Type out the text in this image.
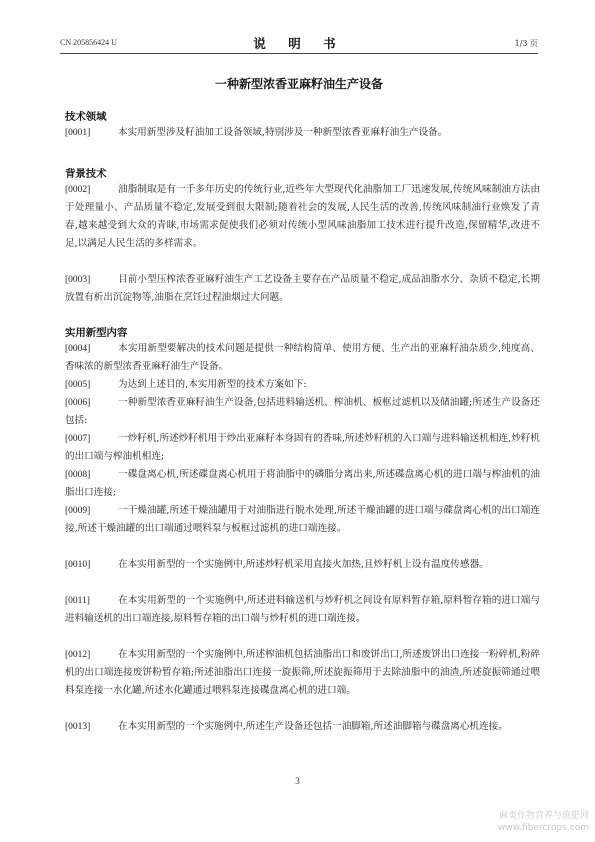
CN 205856424 U	说 明 书	1/3 页
一种新型浓香亚麻籽油生产设备
技术领域
[0001]	本实用新型涉及籽油加工设备领域,特别涉及一种新型浓香亚麻籽油生产设备。
背景技术
[0002]	油脂制取是有一千多年历史的传统行业,近些年大型现代化油脂加工厂迅速发展,传统风味制油方法由于处理量小、产品质量不稳定,发展受到很大限制;随着社会的发展,人民生活的改善,传统风味制油行业焕发了青春,越来越受到大众的青睐,市场需求促使我们必须对传统小型风味油脂加工技术进行提升改造,保留精华,改进不足,以满足人民生活的多样需求。
[0003]	目前小型压榨浓香亚麻籽油生产工艺设备主要存在产品质量不稳定,成品油脂水分、杂质不稳定,长期放置有析出沉淀物等,油脂在烹饪过程油烟过大问题。
实用新型内容
[0004]	本实用新型要解决的技术问题是提供一种结构简单、使用方便、生产出的亚麻籽油杂质少,纯度高、香味浓的新型浓香亚麻籽油生产设备。
[0005]	为达到上述目的,本实用新型的技术方案如下:
[0006]	一种新型浓香亚麻籽油生产设备,包括进料输送机、榨油机、板框过滤机以及储油罐;所述生产设备还包括:
[0007]	一炒籽机,所述炒籽机用于炒出亚麻籽本身固有的香味,所述炒籽机的入口端与进料输送机相连,炒籽机的出口端与榨油机相连;
[0008]	一碟盘离心机,所述碟盘离心机用于将油脂中的磷脂分离出来,所述碟盘离心机的进口端与榨油机的油脂出口连接;
[0009]	一干燥油罐,所述干燥油罐用于对油脂进行脱水处理,所述干燥油罐的进口端与碟盘离心机的出口端连接,所述干燥油罐的出口端通过喂料泵与板框过滤机的进口端连接。
[0010]	在本实用新型的一个实施例中,所述炒籽机采用直接火加热,且炒籽机上设有温度传感器。
[0011]	在本实用新型的一个实施例中,所述进料输送机与炒籽机之间设有原料暂存箱,原料暂存箱的进口端与进料输送机的出口端连接,原料暂存箱的出口端与炒籽机的进口端连接。
[0012]	在本实用新型的一个实施例中,所述榨油机包括油脂出口和废饼出口,所述废饼出口连接一粉碎机,粉碎机的出口端连接废饼粉暂存箱;所述油脂出口连接一旋振筛,所述旋振筛用于去除油脂中的油渣,所述旋振筛通过喂料泵连接一水化罐,所述水化罐通过喂料泵连接碟盘离心机的进口端。
[0013]	在本实用新型的一个实施例中,所述生产设备还包括一油脚箱,所述油脚箱与碟盘离心机连接。
3
麻类作物营养与施肥网
www.fibercrops.com
